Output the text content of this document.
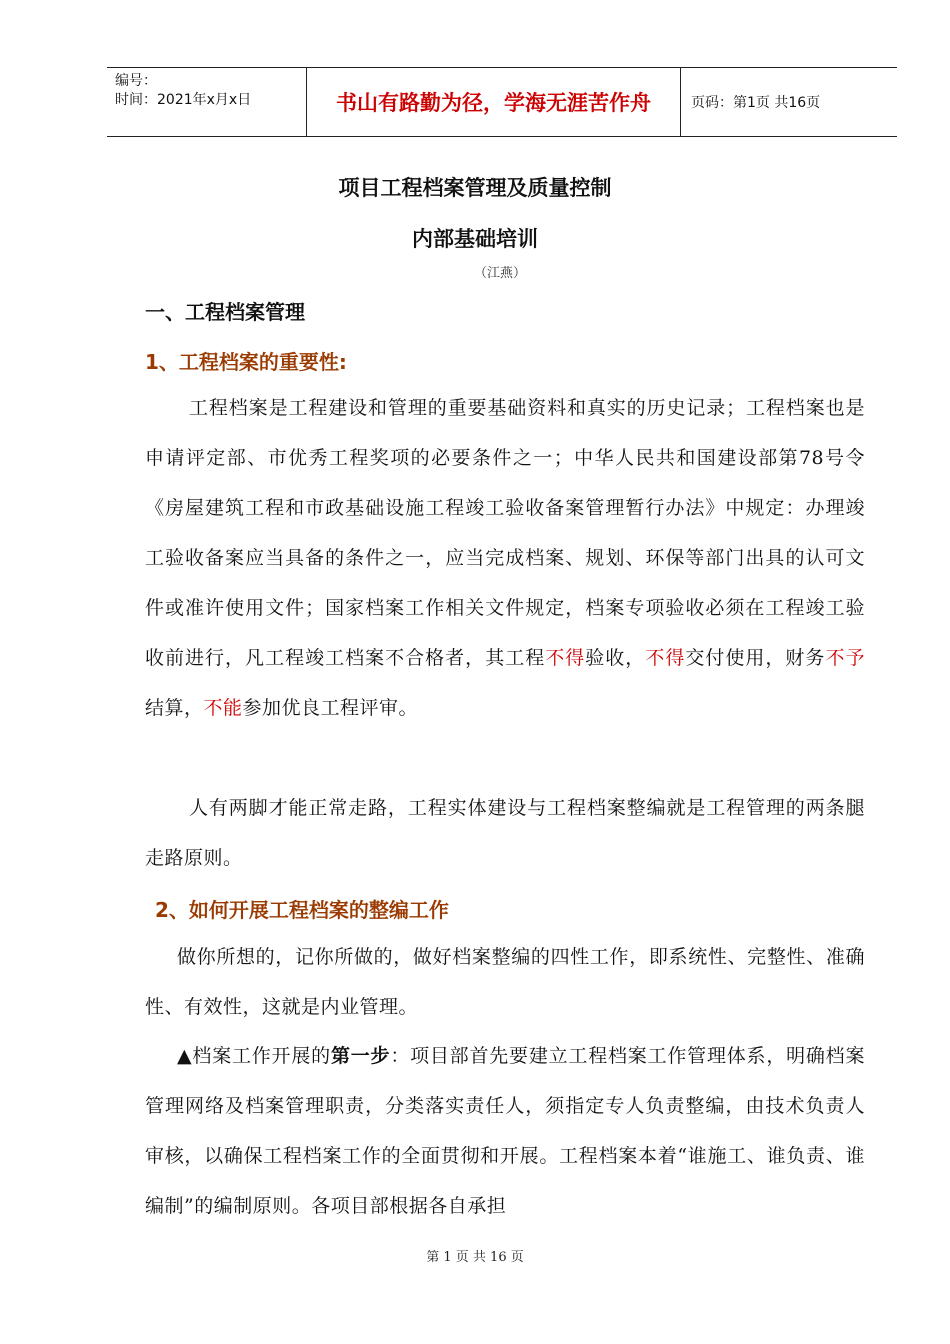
编号：
时间：2021年x月x日	书山有路勤为径，学海无涯苦作舟	页码：第1页 共16页
项目工程档案管理及质量控制
内部基础培训
（江燕）
一、工程档案管理
1、工程档案的重要性:
工程档案是工程建设和管理的重要基础资料和真实的历史记录；工程档案也是申请评定部、市优秀工程奖项的必要条件之一；中华人民共和国建设部第78号令《房屋建筑工程和市政基础设施工程竣工验收备案管理暂行办法》中规定：办理竣工验收备案应当具备的条件之一，应当完成档案、规划、环保等部门出具的认可文件或准许使用文件；国家档案工作相关文件规定，档案专项验收必须在工程竣工验收前进行，凡工程竣工档案不合格者，其工程不得验收，不得交付使用，财务不予结算，不能参加优良工程评审。
人有两脚才能正常走路，工程实体建设与工程档案整编就是工程管理的两条腿走路原则。
2、如何开展工程档案的整编工作
做你所想的，记你所做的，做好档案整编的四性工作，即系统性、完整性、准确性、有效性，这就是内业管理。
▲档案工作开展的第一步：项目部首先要建立工程档案工作管理体系，明确档案管理网络及档案管理职责，分类落实责任人，须指定专人负责整编，由技术负责人审核，以确保工程档案工作的全面贯彻和开展。工程档案本着“谁施工、谁负责、谁编制”的编制原则。各项目部根据各自承担
第 1 页 共 16 页
